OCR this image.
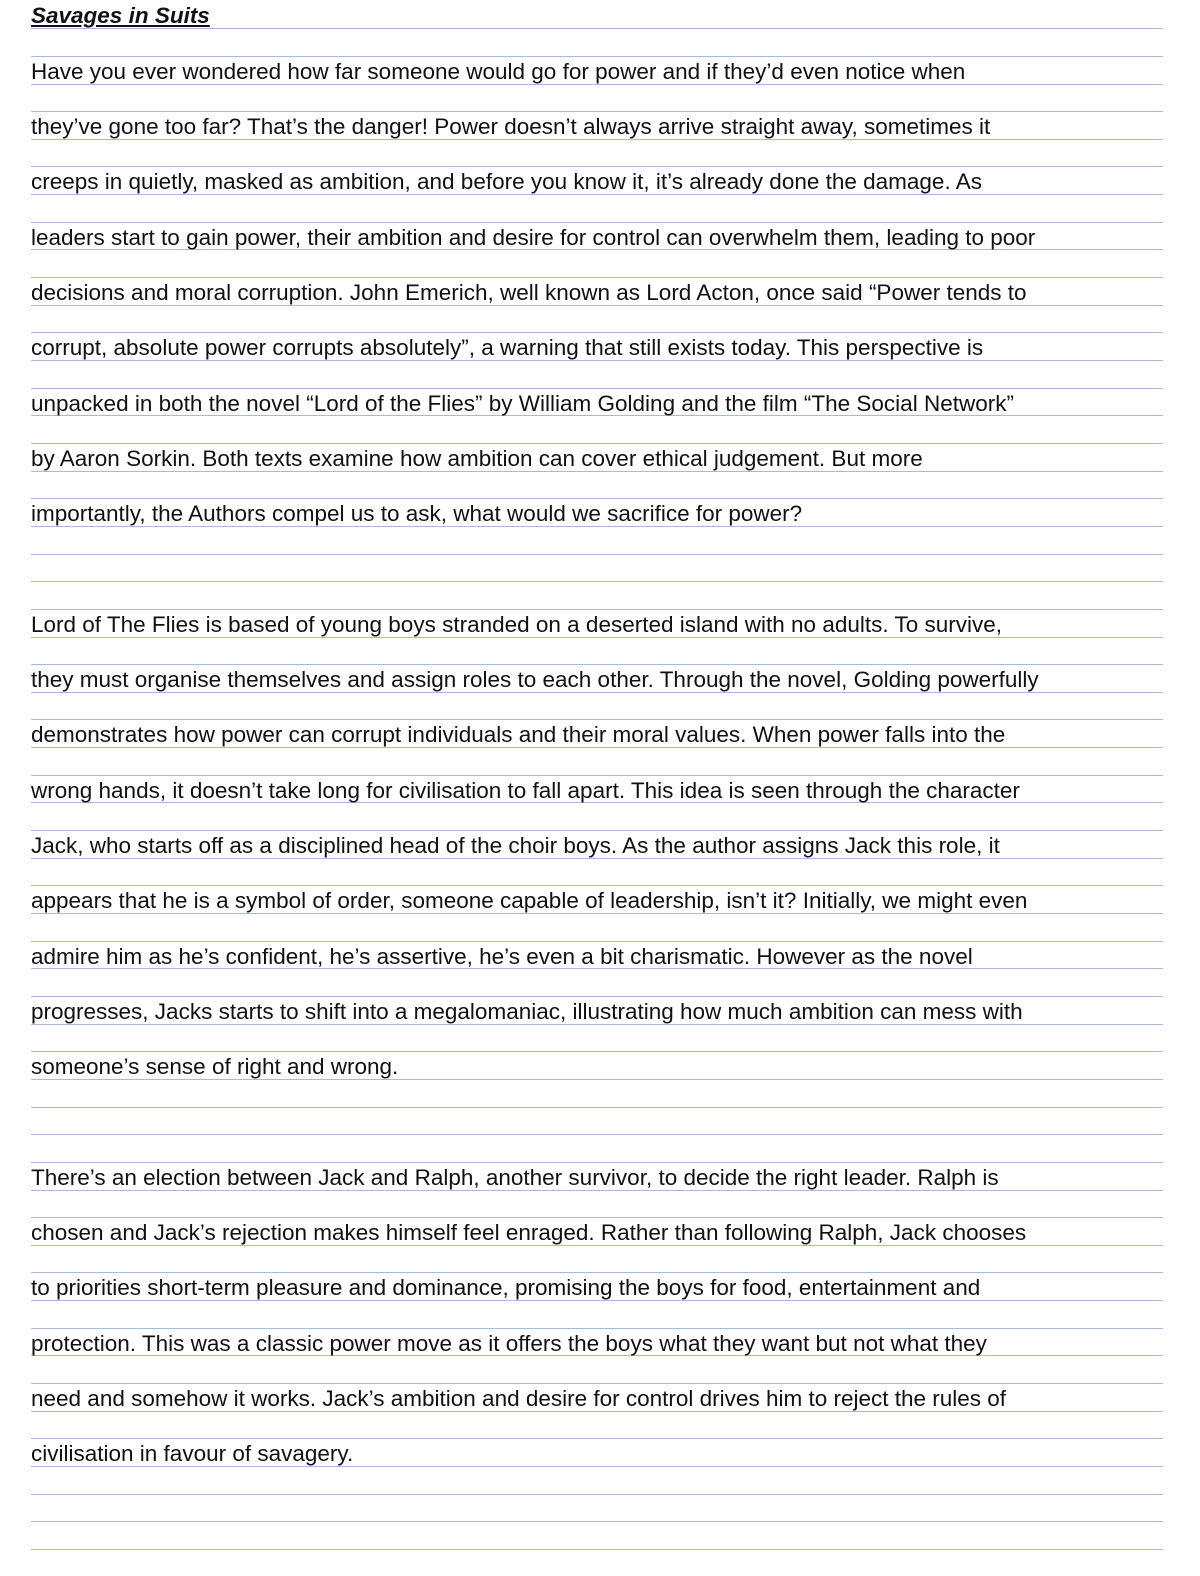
Savages in Suits
Have you ever wondered how far someone would go for power and if they’d even notice when
they’ve gone too far? That’s the danger! Power doesn’t always arrive straight away, sometimes it
creeps in quietly, masked as ambition, and before you know it, it’s already done the damage. As
leaders start to gain power, their ambition and desire for control can overwhelm them, leading to poor
decisions and moral corruption. John Emerich, well known as Lord Acton, once said “Power tends to
corrupt, absolute power corrupts absolutely”, a warning that still exists today. This perspective is
unpacked in both the novel “Lord of the Flies” by William Golding and the film “The Social Network”
by Aaron Sorkin. Both texts examine how ambition can cover ethical judgement. But more
importantly, the Authors compel us to ask, what would we sacrifice for power?
Lord of The Flies is based of young boys stranded on a deserted island with no adults. To survive,
they must organise themselves and assign roles to each other. Through the novel, Golding powerfully
demonstrates how power can corrupt individuals and their moral values. When power falls into the
wrong hands, it doesn’t take long for civilisation to fall apart. This idea is seen through the character
Jack, who starts off as a disciplined head of the choir boys. As the author assigns Jack this role, it
appears that he is a symbol of order, someone capable of leadership, isn’t it? Initially, we might even
admire him as he’s confident, he’s assertive, he’s even a bit charismatic. However as the novel
progresses, Jacks starts to shift into a megalomaniac, illustrating how much ambition can mess with
someone’s sense of right and wrong.
There’s an election between Jack and Ralph, another survivor, to decide the right leader. Ralph is
chosen and Jack’s rejection makes himself feel enraged. Rather than following Ralph, Jack chooses
to priorities short-term pleasure and dominance, promising the boys for food, entertainment and
protection. This was a classic power move as it offers the boys what they want but not what they
need and somehow it works. Jack’s ambition and desire for control drives him to reject the rules of
civilisation in favour of savagery.
